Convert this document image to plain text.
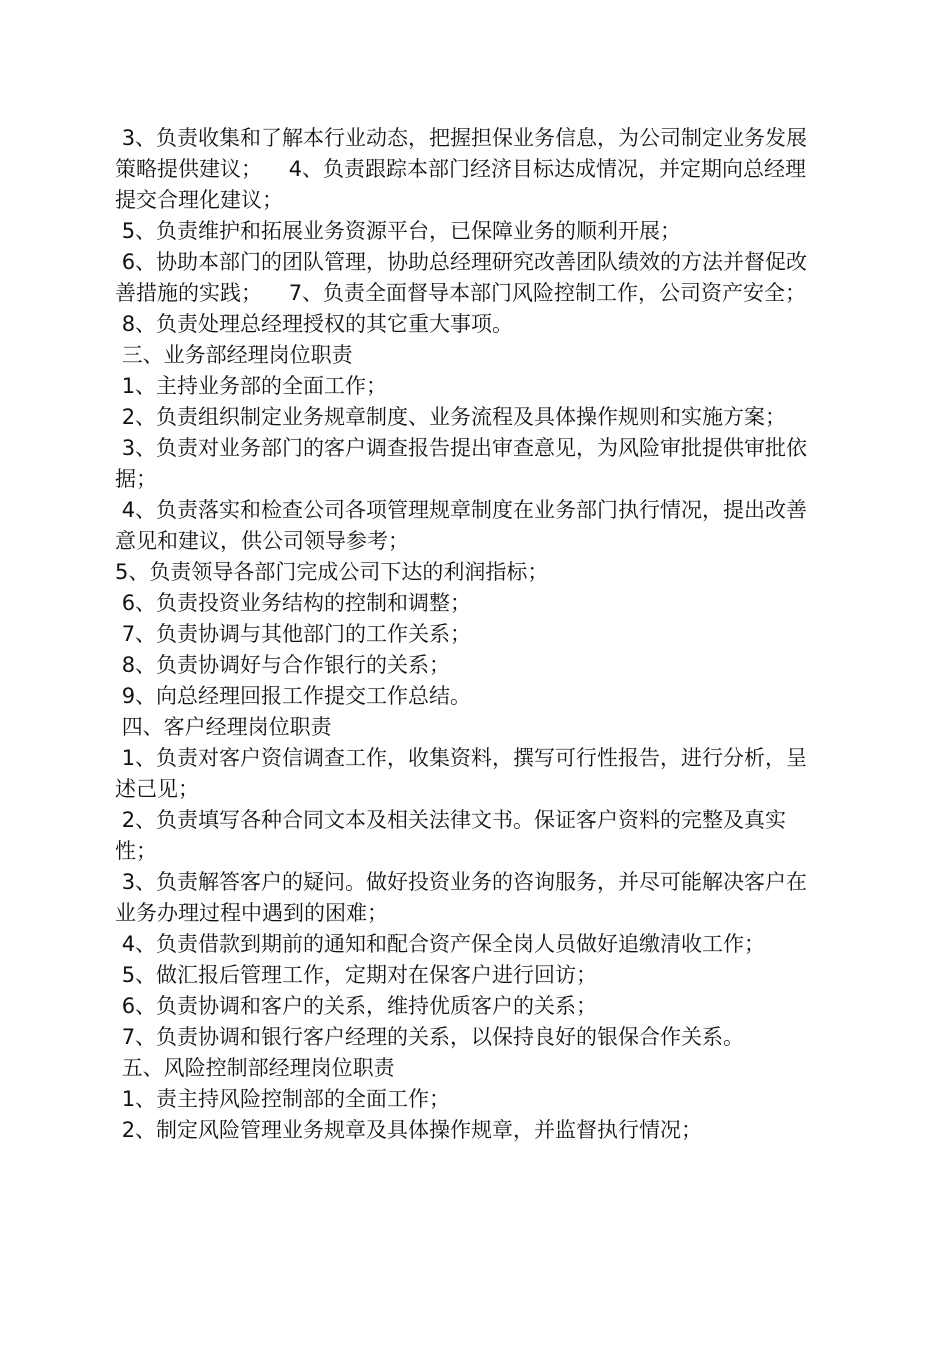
3、负责收集和了解本行业动态，把握担保业务信息，为公司制定业务发展策略提供建议；    4、负责跟踪本部门经济目标达成情况，并定期向总经理提交合理化建议；

5、负责维护和拓展业务资源平台，已保障业务的顺利开展；

6、协助本部门的团队管理，协助总经理研究改善团队绩效的方法并督促改善措施的实践；    7、负责全面督导本部门风险控制工作，公司资产安全；

8、负责处理总经理授权的其它重大事项。

三、业务部经理岗位职责

1、主持业务部的全面工作；

2、负责组织制定业务规章制度、业务流程及具体操作规则和实施方案；

3、负责对业务部门的客户调查报告提出审查意见，为风险审批提供审批依据；

4、负责落实和检查公司各项管理规章制度在业务部门执行情况，提出改善意见和建议，供公司领导参考；

5、负责领导各部门完成公司下达的利润指标；

6、负责投资业务结构的控制和调整；

7、负责协调与其他部门的工作关系；

8、负责协调好与合作银行的关系；

9、向总经理回报工作提交工作总结。

四、客户经理岗位职责

1、负责对客户资信调查工作，收集资料，撰写可行性报告，进行分析，呈述己见；

2、负责填写各种合同文本及相关法律文书。保证客户资料的完整及真实性；

3、负责解答客户的疑问。做好投资业务的咨询服务，并尽可能解决客户在业务办理过程中遇到的困难；

4、负责借款到期前的通知和配合资产保全岗人员做好追缴清收工作；

5、做汇报后管理工作，定期对在保客户进行回访；

6、负责协调和客户的关系，维持优质客户的关系；

7、负责协调和银行客户经理的关系，以保持良好的银保合作关系。

五、风险控制部经理岗位职责

1、责主持风险控制部的全面工作；

2、制定风险管理业务规章及具体操作规章，并监督执行情况；
